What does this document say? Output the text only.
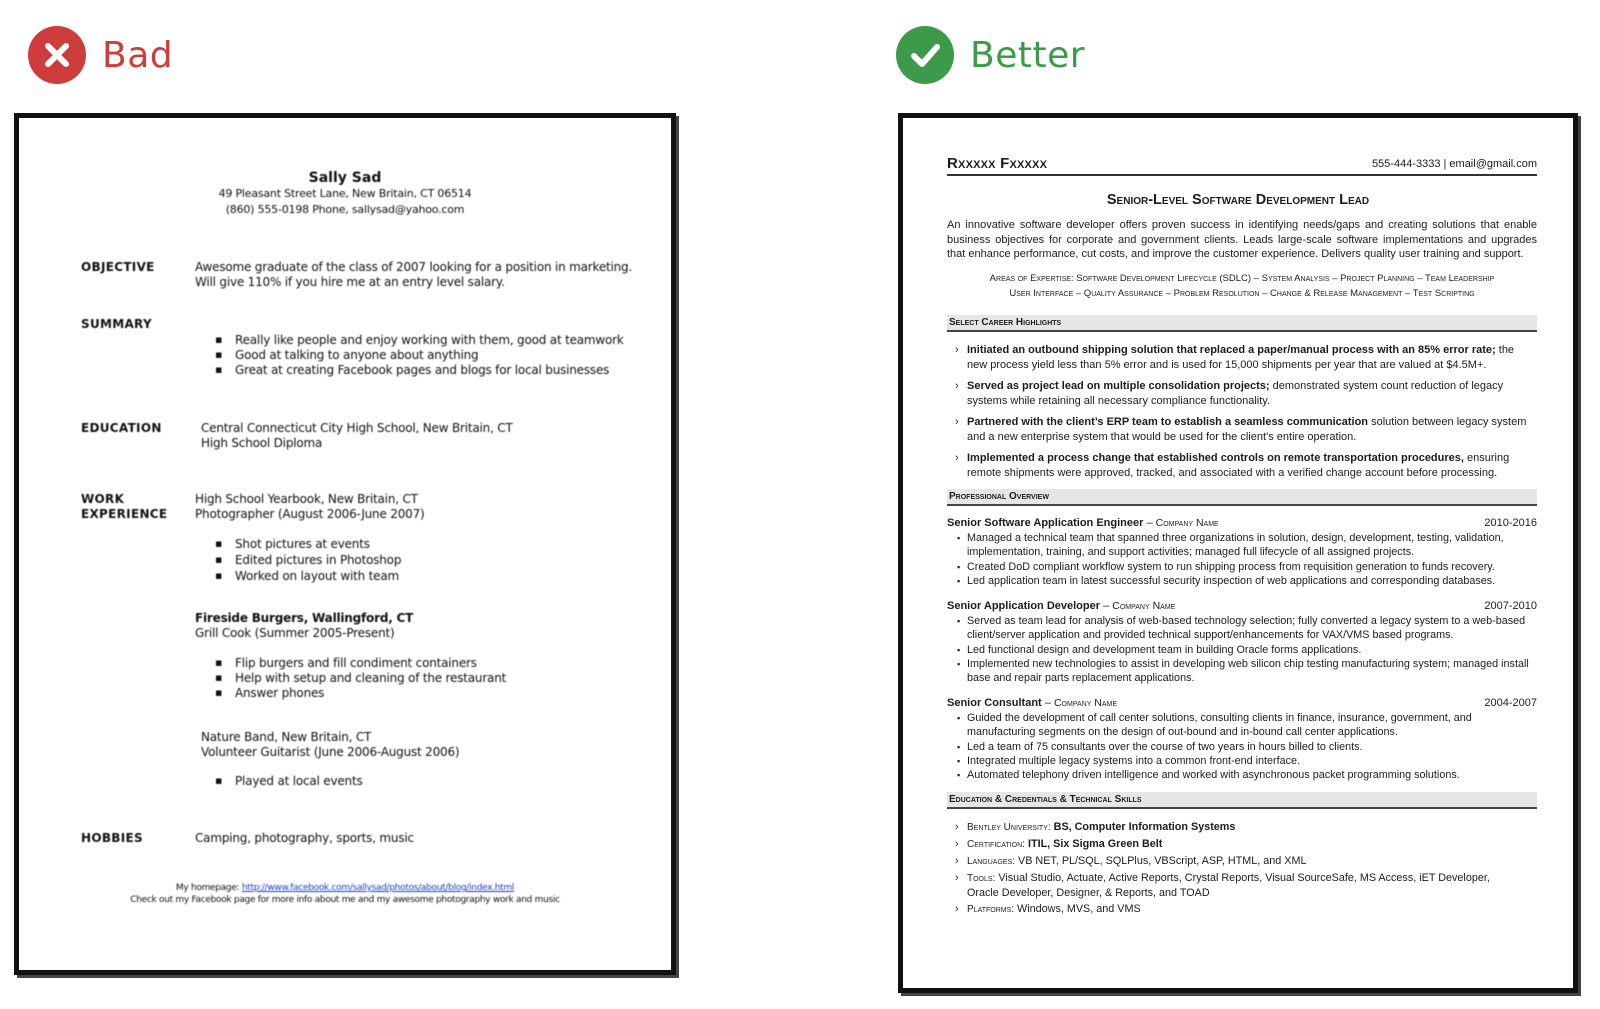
Bad	Better
Sally Sad
49 Pleasant Street Lane, New Britain, CT 06514
(860) 555-0198 Phone, sallysad@yahoo.com
OBJECTIVE	Awesome graduate of the class of 2007 looking for a position in marketing.
Will give 110% if you hire me at an entry level salary.
SUMMARY
▪ Really like people and enjoy working with them, good at teamwork
▪ Good at talking to anyone about anything
▪ Great at creating Facebook pages and blogs for local businesses
EDUCATION	Central Connecticut City High School, New Britain, CT
High School Diploma
WORK
EXPERIENCE
High School Yearbook, New Britain, CT
Photographer (August 2006-June 2007)
▪ Shot pictures at events
▪ Edited pictures in Photoshop
▪ Worked on layout with team
Fireside Burgers, Wallingford, CT
Grill Cook (Summer 2005-Present)
▪ Flip burgers and fill condiment containers
▪ Help with setup and cleaning of the restaurant
▪ Answer phones
Nature Band, New Britain, CT
Volunteer Guitarist (June 2006-August 2006)
▪ Played at local events
HOBBIES	Camping, photography, sports, music
My homepage: http://www.facebook.com/sallysad/photos/about/blog/index.html
Check out my Facebook page for more info about me and my awesome photography work and music
Rxxxxx Fxxxxx	555-444-3333 | email@gmail.com
Senior-Level Software Development Lead
An innovative software developer offers proven success in identifying needs/gaps and creating solutions that enable business objectives for corporate and government clients. Leads large-scale software implementations and upgrades that enhance performance, cut costs, and improve the customer experience. Delivers quality user training and support.
Areas of Expertise: Software Development Lifecycle (SDLC) – System Analysis – Project Planning – Team Leadership
User Interface – Quality Assurance – Problem Resolution – Change & Release Management – Test Scripting
Select Career Highlights
› Initiated an outbound shipping solution that replaced a paper/manual process with an 85% error rate; the new process yield less than 5% error and is used for 15,000 shipments per year that are valued at $4.5M+.
› Served as project lead on multiple consolidation projects; demonstrated system count reduction of legacy systems while retaining all necessary compliance functionality.
› Partnered with the client’s ERP team to establish a seamless communication solution between legacy system and a new enterprise system that would be used for the client’s entire operation.
› Implemented a process change that established controls on remote transportation procedures, ensuring remote shipments were approved, tracked, and associated with a verified change account before processing.
Professional Overview
Senior Software Application Engineer – Company Name	2010-2016
▪ Managed a technical team that spanned three organizations in solution, design, development, testing, validation, implementation, training, and support activities; managed full lifecycle of all assigned projects.
▪ Created DoD compliant workflow system to run shipping process from requisition generation to funds recovery.
▪ Led application team in latest successful security inspection of web applications and corresponding databases.
Senior Application Developer – Company Name	2007-2010
▪ Served as team lead for analysis of web-based technology selection; fully converted a legacy system to a web-based client/server application and provided technical support/enhancements for VAX/VMS based programs.
▪ Led functional design and development team in building Oracle forms applications.
▪ Implemented new technologies to assist in developing web silicon chip testing manufacturing system; managed install base and repair parts replacement applications.
Senior Consultant – Company Name	2004-2007
▪ Guided the development of call center solutions, consulting clients in finance, insurance, government, and manufacturing segments on the design of out-bound and in-bound call center applications.
▪ Led a team of 75 consultants over the course of two years in hours billed to clients.
▪ Integrated multiple legacy systems into a common front-end interface.
▪ Automated telephony driven intelligence and worked with asynchronous packet programming solutions.
Education & Credentials & Technical Skills
› Bentley University: BS, Computer Information Systems
› Certification: ITIL, Six Sigma Green Belt
› Languages: VB NET, PL/SQL, SQLPlus, VBScript, ASP, HTML, and XML
› Tools: Visual Studio, Actuate, Active Reports, Crystal Reports, Visual SourceSafe, MS Access, iET Developer, Oracle Developer, Designer, & Reports, and TOAD
› Platforms: Windows, MVS, and VMS
